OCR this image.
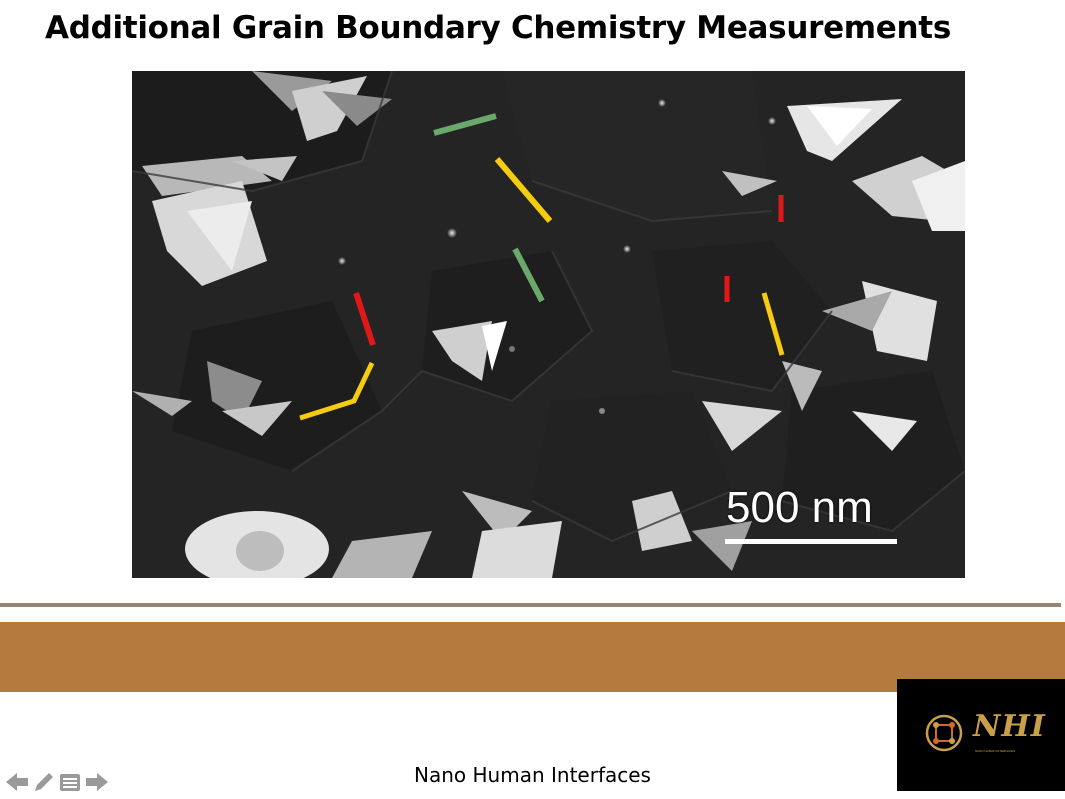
Additional Grain Boundary Chemistry Measurements
500 nm
NHI
NANO HUMAN INTERFACES
Nano Human Interfaces
